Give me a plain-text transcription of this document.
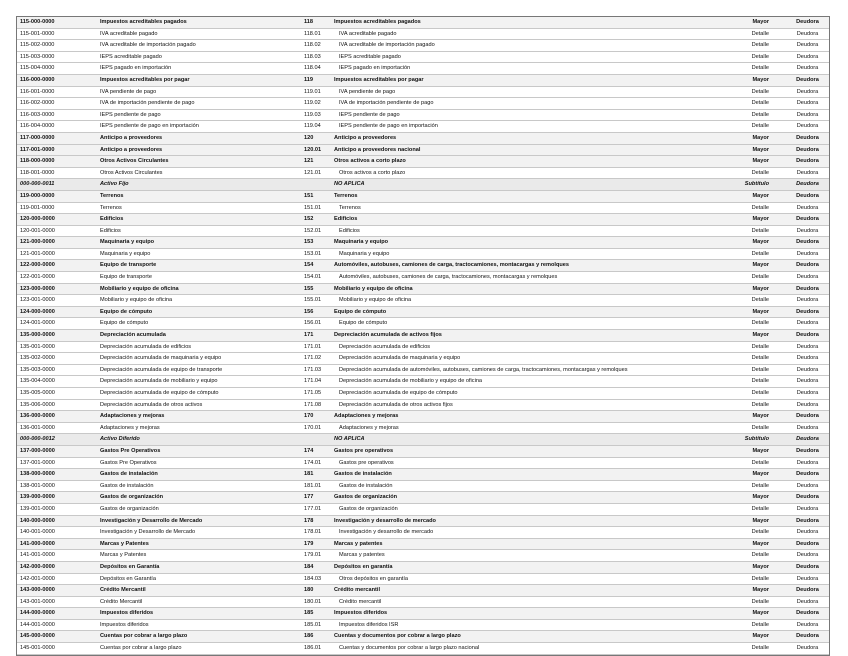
115-000-0000	Impuestos acreditables pagados	118	Impuestos acreditables pagados	Mayor	Deudora
115-001-0000	IVA acreditable pagado	118.01	IVA acreditable pagado	Detalle	Deudora
115-002-0000	IVA acreditable de importación pagado	118.02	IVA acreditable de importación pagado	Detalle	Deudora
115-003-0000	IEPS acreditable pagado	118.03	IEPS acreditable pagado	Detalle	Deudora
115-004-0000	IEPS pagado en importación	118.04	IEPS pagado en importación	Detalle	Deudora
116-000-0000	Impuestos acreditables por pagar	119	Impuestos acreditables por pagar	Mayor	Deudora
116-001-0000	IVA pendiente de pago	119.01	IVA pendiente de pago	Detalle	Deudora
116-002-0000	IVA de importación pendiente de pago	119.02	IVA de importación pendiente de pago	Detalle	Deudora
116-003-0000	IEPS pendiente de pago	119.03	IEPS pendiente de pago	Detalle	Deudora
116-004-0000	IEPS pendiente de pago en importación	119.04	IEPS pendiente de pago en importación	Detalle	Deudora
117-000-0000	Anticipo a proveedores	120	Anticipo a proveedores	Mayor	Deudora
117-001-0000	Anticipo a proveedores	120.01	Anticipo a proveedores nacional	Mayor	Deudora
118-000-0000	Otros Activos Circulantes	121	Otros activos a corto plazo	Mayor	Deudora
118-001-0000	Otros Activos Circulantes	121.01	Otros activos a corto plazo	Detalle	Deudora
000-000-0011	Activo Fijo		NO APLICA	Subtitulo	Deudora
119-000-0000	Terrenos	151	Terrenos	Mayor	Deudora
119-001-0000	Terrenos	151.01	Terrenos	Detalle	Deudora
120-000-0000	Edificios	152	Edificios	Mayor	Deudora
120-001-0000	Edificios	152.01	Edificios	Detalle	Deudora
121-000-0000	Maquinaria y equipo	153	Maquinaria y equipo	Mayor	Deudora
121-001-0000	Maquinaria y equipo	153.01	Maquinaria y equipo	Detalle	Deudora
122-000-0000	Equipo de transporte	154	Automóviles, autobuses, camiones de carga, tractocamiones, montacargas y remolques	Mayor	Deudora
122-001-0000	Equipo de transporte	154.01	Automóviles, autobuses, camiones de carga, tractocamiones, montacargas y remolques	Detalle	Deudora
123-000-0000	Mobiliario y equipo de oficina	155	Mobiliario y equipo de oficina	Mayor	Deudora
123-001-0000	Mobiliario y equipo de oficina	155.01	Mobiliario y equipo de oficina	Detalle	Deudora
124-000-0000	Equipo de cómputo	156	Equipo de cómputo	Mayor	Deudora
124-001-0000	Equipo de cómputo	156.01	Equipo de cómputo	Detalle	Deudora
135-000-0000	Depreciación acumulada	171	Depreciación acumulada de activos fijos	Mayor	Deudora
135-001-0000	Depreciación acumulada de edificios	171.01	Depreciación acumulada de edificios	Detalle	Deudora
135-002-0000	Depreciación acumulada de maquinaria y equipo	171.02	Depreciación acumulada de maquinaria y equipo	Detalle	Deudora
135-003-0000	Depreciación acumulada de equipo de transporte	171.03	Depreciación acumulada de automóviles, autobuses, camiones de carga, tractocamiones, montacargas y remolques	Detalle	Deudora
135-004-0000	Depreciación acumulada de mobiliario y equipo	171.04	Depreciación acumulada de mobiliario y equipo de oficina	Detalle	Deudora
135-005-0000	Depreciación acumulada de equipo de cómputo	171.05	Depreciación acumulada de equipo de cómputo	Detalle	Deudora
135-006-0000	Depreciación acumulada de otros activos	171.08	Depreciación acumulada de otros activos fijos	Detalle	Deudora
136-000-0000	Adaptaciones y mejoras	170	Adaptaciones y mejoras	Mayor	Deudora
136-001-0000	Adaptaciones y mejoras	170.01	Adaptaciones y mejoras	Detalle	Deudora
000-000-0012	Activo Diferido		NO APLICA	Subtitulo	Deudora
137-000-0000	Gastos Pre Operativos	174	Gastos pre operativos	Mayor	Deudora
137-001-0000	Gastos Pre Operativos	174.01	Gastos pre operativos	Detalle	Deudora
138-000-0000	Gastos de instalación	181	Gastos de instalación	Mayor	Deudora
138-001-0000	Gastos de instalación	181.01	Gastos de instalación	Detalle	Deudora
139-000-0000	Gastos de organización	177	Gastos de organización	Mayor	Deudora
139-001-0000	Gastos de organización	177.01	Gastos de organización	Detalle	Deudora
140-000-0000	Investigación y Desarrollo de Mercado	178	Investigación y desarrollo de mercado	Mayor	Deudora
140-001-0000	Investigación y Desarrollo de Mercado	178.01	Investigación y desarrollo de mercado	Detalle	Deudora
141-000-0000	Marcas y Patentes	179	Marcas y patentes	Mayor	Deudora
141-001-0000	Marcas y Patentes	179.01	Marcas y patentes	Detalle	Deudora
142-000-0000	Depósitos en Garantía	184	Depósitos en garantía	Mayor	Deudora
142-001-0000	Depósitos en Garantía	184.03	Otros depósitos en garantía	Detalle	Deudora
143-000-0000	Crédito Mercantil	180	Crédito mercantil	Mayor	Deudora
143-001-0000	Crédito Mercantil	180.01	Crédito mercantil	Detalle	Deudora
144-000-0000	Impuestos diferidos	185	Impuestos diferidos	Mayor	Deudora
144-001-0000	Impuestos diferidos	185.01	Impuestos diferidos ISR	Detalle	Deudora
145-000-0000	Cuentas por cobrar a largo plazo	186	Cuentas y documentos por cobrar a largo plazo	Mayor	Deudora
145-001-0000	Cuentas por cobrar a largo plazo	186.01	Cuentas y documentos por cobrar a largo plazo nacional	Detalle	Deudora
